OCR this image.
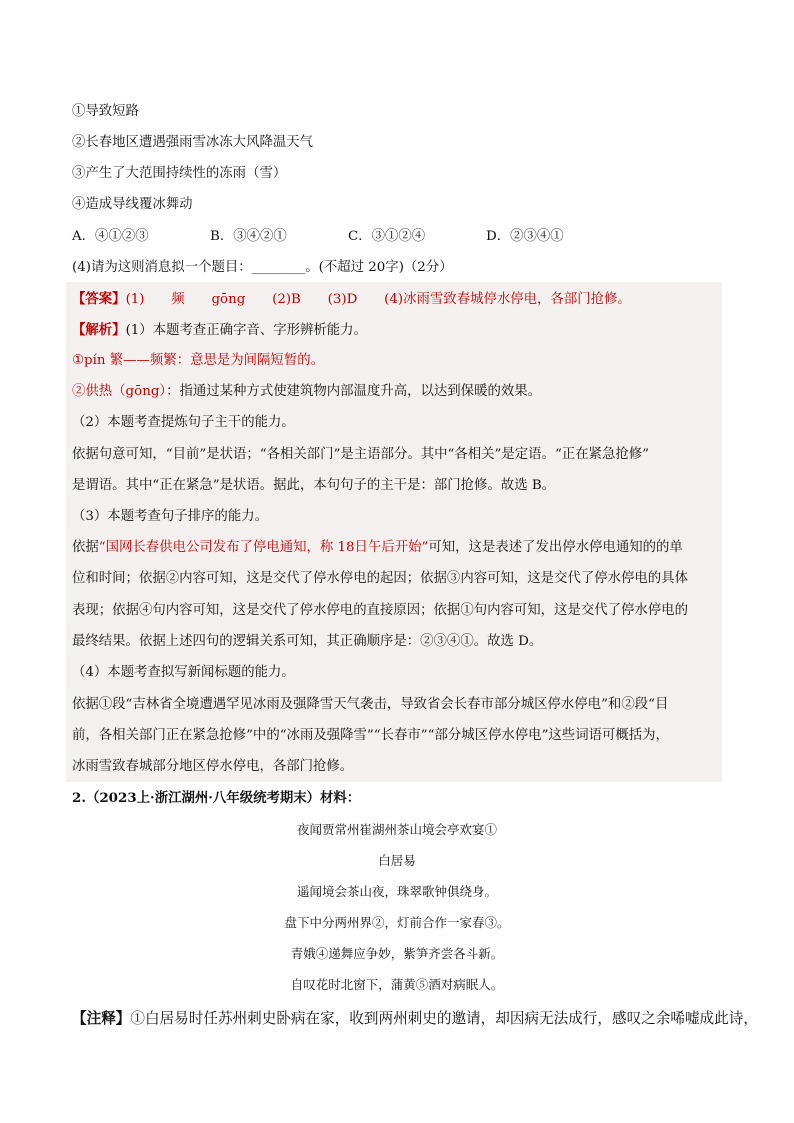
①导致短路
②长春地区遭遇强雨雪冰冻大风降温天气
③产生了大范围持续性的冻雨（雪）
④造成导线覆冰舞动
A．④①②③	B．③④②①	C．③①②④	D．②③④①
(4)请为这则消息拟一个题目：________。(不超过 20字)（2分）
【答案】(1)　　频　　gōng　　(2)B　　(3)D　　(4)冰雨雪致春城停水停电，各部门抢修。
【解析】(1）本题考查正确字音、字形辨析能力。
①pín 繁——频繁：意思是为间隔短暂的。
②供热（gōng）：指通过某种方式使建筑物内部温度升高，以达到保暖的效果。
（2）本题考查提炼句子主干的能力。
依据句意可知，“目前”是状语；“各相关部门”是主语部分。其中“各相关”是定语。“正在紧急抢修”
是谓语。其中“正在紧急”是状语。据此，本句句子的主干是：部门抢修。故选 B。
（3）本题考查句子排序的能力。
依据“国网长春供电公司发布了停电通知，称 18日午后开始”可知，这是表述了发出停水停电通知的的单
位和时间；依据②内容可知，这是交代了停水停电的起因；依据③内容可知，这是交代了停水停电的具体
表现；依据④句内容可知，这是交代了停水停电的直接原因；依据①句内容可知，这是交代了停水停电的
最终结果。依据上述四句的逻辑关系可知，其正确顺序是：②③④①。故选 D。
（4）本题考查拟写新闻标题的能力。
依据①段“吉林省全境遭遇罕见冰雨及强降雪天气袭击，导致省会长春市部分城区停水停电”和②段“目
前，各相关部门正在紧急抢修”中的“冰雨及强降雪”“长春市”“部分城区停水停电”这些词语可概括为，
冰雨雪致春城部分地区停水停电，各部门抢修。
2.（2023上·浙江湖州·八年级统考期末）材料：
夜闻贾常州崔湖州茶山境会亭欢宴①
白居易
遥闻境会茶山夜，珠翠歌钟俱绕身。
盘下中分两州界②，灯前合作一家春③。
青娥④递舞应争妙，紫笋齐尝各斗新。
自叹花时北窗下，蒲黄⑤酒对病眠人。
【注释】①白居易时任苏州刺史卧病在家，收到两州刺史的邀请，却因病无法成行，感叹之余唏嘘成此诗，
